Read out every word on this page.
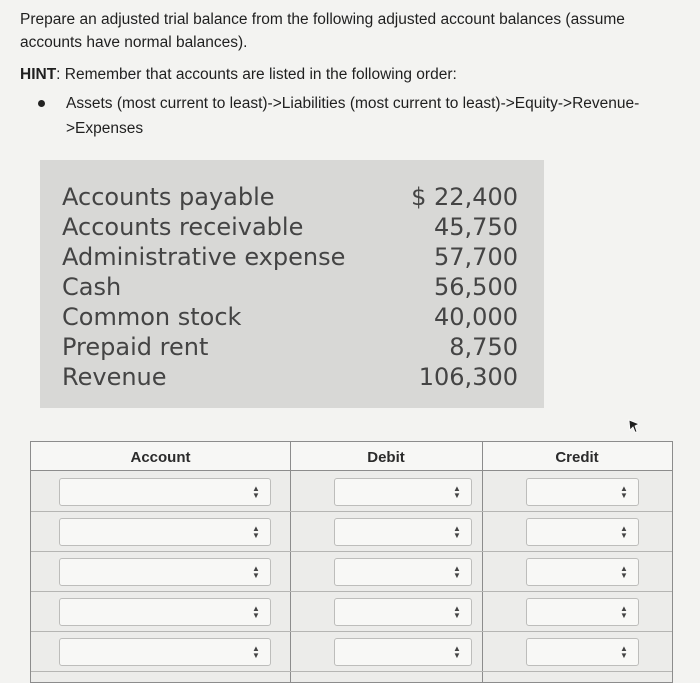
Prepare an adjusted trial balance from the following adjusted account balances (assume accounts have normal balances).
HINT: Remember that accounts are listed in the following order:
Assets (most current to least)->Liabilities (most current to least)->Equity->Revenue->Expenses
Accounts payable	$ 22,400
Accounts receivable	45,750
Administrative expense	57,700
Cash	56,500
Common stock	40,000
Prepaid rent	8,750
Revenue	106,300
Account	Debit	Credit
▲
▼
▲
▼
▲
▼
▲
▼
▲
▼
▲
▼
▲
▼
▲
▼
▲
▼
▲
▼
▲
▼
▲
▼
▲
▼
▲
▼
▲
▼
